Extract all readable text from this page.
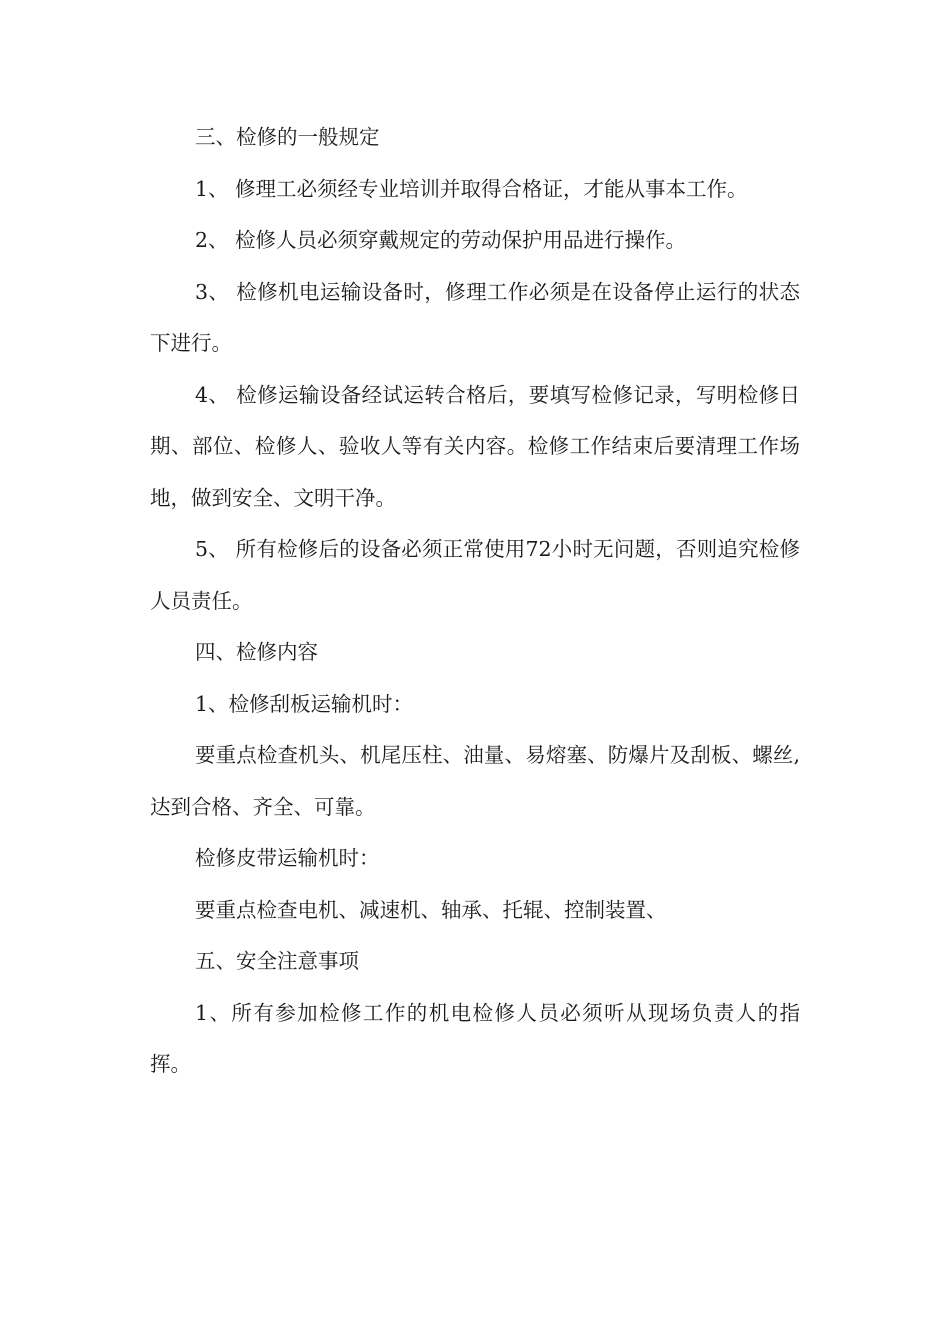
三、检修的一般规定

1、 修理工必须经专业培训并取得合格证，才能从事本工作。

2、 检修人员必须穿戴规定的劳动保护用品进行操作。

3、 检修机电运输设备时，修理工作必须是在设备停止运行的状态下进行。

4、 检修运输设备经试运转合格后，要填写检修记录，写明检修日期、部位、检修人、验收人等有关内容。检修工作结束后要清理工作场地，做到安全、文明干净。

5、 所有检修后的设备必须正常使用72小时无问题，否则追究检修人员责任。

四、检修内容

1、检修刮板运输机时：

要重点检查机头、机尾压柱、油量、易熔塞、防爆片及刮板、螺丝,达到合格、齐全、可靠。

检修皮带运输机时：

要重点检查电机、减速机、轴承、托辊、控制装置、

五、安全注意事项

1、所有参加检修工作的机电检修人员必须听从现场负责人的指挥。
